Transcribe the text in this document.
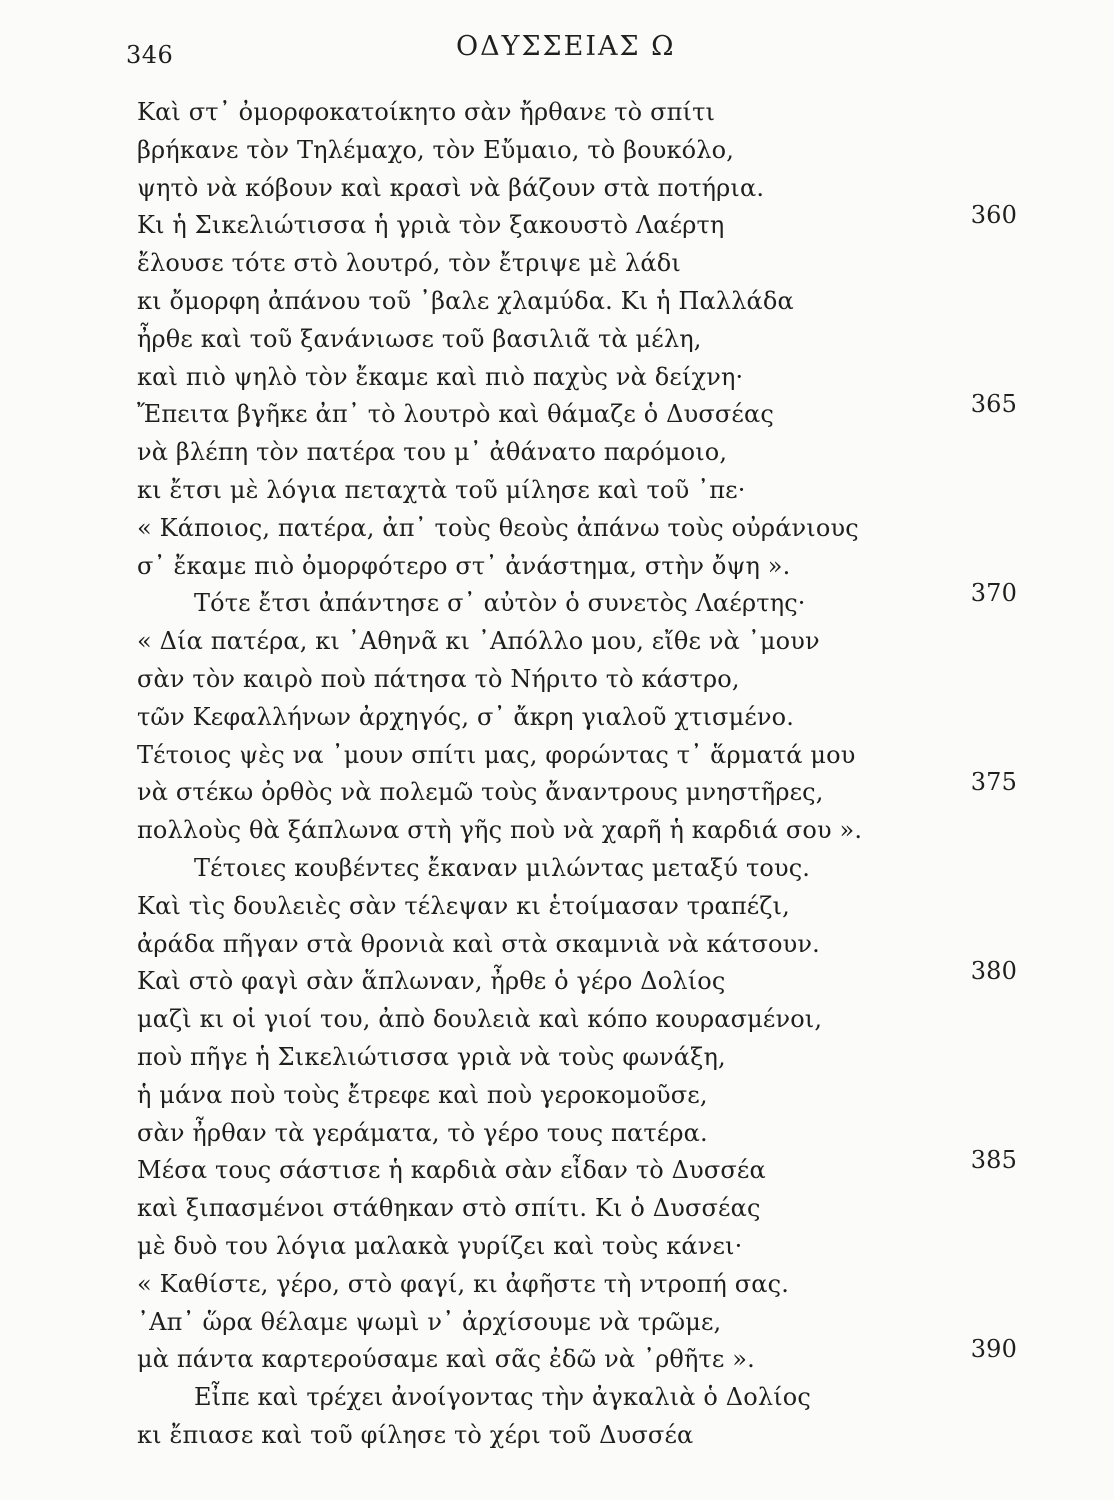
346	ΟΔΥΣΣΕΙΑΣ Ω
Καὶ στ᾽ ὀμορφοκατοίκητο σὰν ἤρθανε τὸ σπίτι
βρήκανε τὸν Τηλέμαχο, τὸν Εὔμαιο, τὸ βουκόλο,
ψητὸ νὰ κόβουν καὶ κρασὶ νὰ βάζουν στὰ ποτήρια.
Κι ἡ Σικελιώτισσα ἡ γριὰ τὸν ξακουστὸ Λαέρτη	360
ἔλουσε τότε στὸ λουτρό, τὸν ἔτριψε μὲ λάδι
κι ὄμορφη ἀπάνου τοῦ ᾽βαλε χλαμύδα. Κι ἡ Παλλάδα
ἦρθε καὶ τοῦ ξανάνιωσε τοῦ βασιλιᾶ τὰ μέλη,
καὶ πιὸ ψηλὸ τὸν ἔκαμε καὶ πιὸ παχὺς νὰ δείχνη·
Ἔπειτα βγῆκε ἀπ᾽ τὸ λουτρὸ καὶ θάμαζε ὁ Δυσσέας	365
νὰ βλέπη τὸν πατέρα του μ᾽ ἀθάνατο παρόμοιο,
κι ἔτσι μὲ λόγια πεταχτὰ τοῦ μίλησε καὶ τοῦ ᾽πε·
« Κάποιος, πατέρα, ἀπ᾽ τοὺς θεοὺς ἀπάνω τοὺς οὐράνιους
σ᾽ ἔκαμε πιὸ ὀμορφότερο στ᾽ ἀνάστημα, στὴν ὄψη ».
Τότε ἔτσι ἀπάντησε σ᾽ αὐτὸν ὁ συνετὸς Λαέρτης·	370
« Δία πατέρα, κι ᾽Αθηνᾶ κι ᾽Απόλλο μου, εἴθε νὰ ᾽μουν
σὰν τὸν καιρὸ ποὺ πάτησα τὸ Νήριτο τὸ κάστρο,
τῶν Κεφαλλήνων ἀρχηγός, σ᾽ ἄκρη γιαλοῦ χτισμένο.
Τέτοιος ψὲς να ᾽μουν σπίτι μας, φορώντας τ᾽ ἅρματά μου
νὰ στέκω ὀρθὸς νὰ πολεμῶ τοὺς ἄναντρους μνηστῆρες,	375
πολλοὺς θὰ ξάπλωνα στὴ γῆς ποὺ νὰ χαρῆ ἡ καρδιά σου ».
Τέτοιες κουβέντες ἔκαναν μιλώντας μεταξύ τους.
Καὶ τὶς δουλειὲς σὰν τέλεψαν κι ἑτοίμασαν τραπέζι,
ἀράδα πῆγαν στὰ θρονιὰ καὶ στὰ σκαμνιὰ νὰ κάτσουν.
Καὶ στὸ φαγὶ σὰν ἅπλωναν, ἦρθε ὁ γέρο Δολίος	380
μαζὶ κι οἱ γιοί του, ἀπὸ δουλειὰ καὶ κόπο κουρασμένοι,
ποὺ πῆγε ἡ Σικελιώτισσα γριὰ νὰ τοὺς φωνάξη,
ἡ μάνα ποὺ τοὺς ἔτρεφε καὶ ποὺ γεροκομοῦσε,
σὰν ἦρθαν τὰ γεράματα, τὸ γέρο τους πατέρα.
Μέσα τους σάστισε ἡ καρδιὰ σὰν εἶδαν τὸ Δυσσέα	385
καὶ ξιπασμένοι στάθηκαν στὸ σπίτι. Κι ὁ Δυσσέας
μὲ δυὸ του λόγια μαλακὰ γυρίζει καὶ τοὺς κάνει·
« Καθίστε, γέρο, στὸ φαγί, κι ἀφῆστε τὴ ντροπή σας.
᾽Απ᾽ ὥρα θέλαμε ψωμὶ ν᾽ ἀρχίσουμε νὰ τρῶμε,
μὰ πάντα καρτερούσαμε καὶ σᾶς ἐδῶ νὰ ᾽ρθῆτε ».	390
Εἶπε καὶ τρέχει ἀνοίγοντας τὴν ἀγκαλιὰ ὁ Δολίος
κι ἔπιασε καὶ τοῦ φίλησε τὸ χέρι τοῦ Δυσσέα
